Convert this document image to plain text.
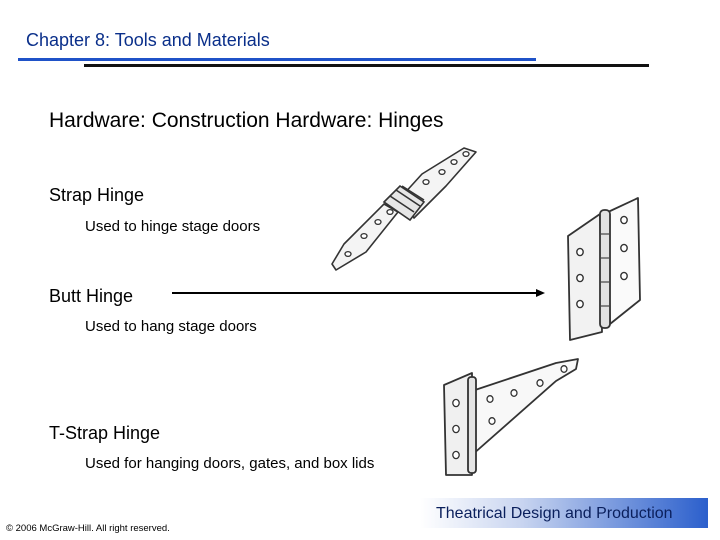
Chapter 8: Tools and Materials
Hardware: Construction Hardware: Hinges
Strap Hinge
Used to hinge stage doors
Butt Hinge
Used to hang stage doors
T-Strap Hinge
Used for hanging doors, gates, and box lids
Theatrical Design and Production
© 2006 McGraw-Hill. All right reserved.
